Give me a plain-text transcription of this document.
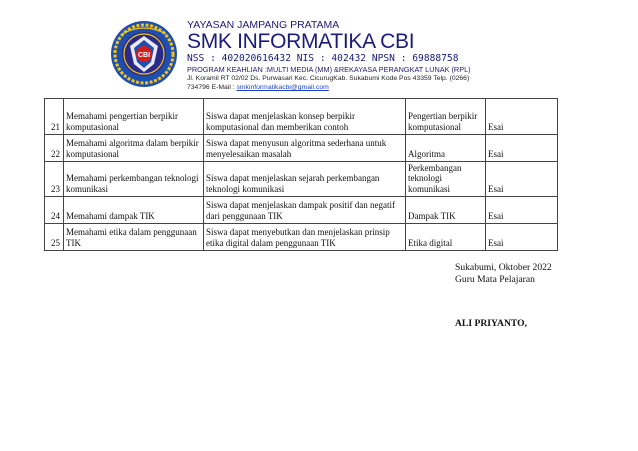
CBI
YAYASAN JAMPANG PRATAMA
SMK INFORMATIKA CBI
NSS : 402020616432 NIS : 402432 NPSN : 69888758
PROGRAM KEAHLIAN :MULTI MEDIA (MM) &REKAYASA PERANGKAT LUNAK (RPL)
Jl. Koramil RT 02/02 Ds. Purwasari Kec. CicurugKab. Sukabumi Kode Pos 43359 Telp. (0266)
734796 E-Mail : smkinformatikacbi@gmail.com
21	Memahami pengertian berpikir komputasional	Siswa dapat menjelaskan konsep berpikir komputasional dan memberikan contoh	Pengertian berpikir komputasional	Esai
22	Memahami algoritma dalam berpikir komputasional	Siswa dapat menyusun algoritma sederhana untuk menyelesaikan masalah	Algoritma	Esai
23	Memahami perkembangan teknologi komunikasi	Siswa dapat menjelaskan sejarah perkembangan teknologi komunikasi	Perkembangan teknologi komunikasi	Esai
24	Memahami dampak TIK	Siswa dapat menjelaskan dampak positif dan negatif dari penggunaan TIK	Dampak TIK	Esai
25	Memahami etika dalam penggunaan TIK	Siswa dapat menyebutkan dan menjelaskan prinsip etika digital dalam penggunaan TIK	Etika digital	Esai
Sukabumi, Oktober 2022
Guru Mata Pelajaran
ALI PRIYANTO,
